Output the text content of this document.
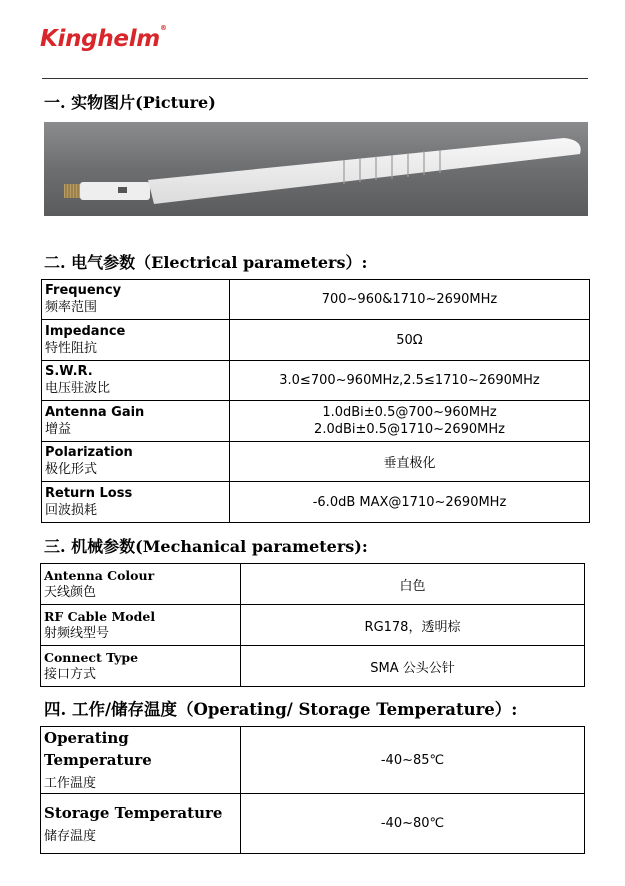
Kinghelm®
一. 实物图片(Picture)
二. 电气参数（Electrical parameters）:
Frequency
频率范围	700~960&1710~2690MHz

Impedance
特性阻抗	50Ω

S.W.R.
电压驻波比	3.0≤700~960MHz,2.5≤1710~2690MHz

Antenna Gain
增益	1.0dBi±0.5@700~960MHz
2.0dBi±0.5@1710~2690MHz

Polarization
极化形式	垂直极化

Return Loss
回波损耗	-6.0dB MAX@1710~2690MHz
三. 机械参数(Mechanical parameters):
Antenna Colour
天线颜色	白色

RF Cable Model
射频线型号	RG178，透明棕

Connect Type
接口方式	SMA 公头公针
四. 工作/储存温度（Operating/ Storage Temperature）:
Operating Temperature
工作温度	-40~85℃

Storage Temperature
储存温度	-40~80℃
